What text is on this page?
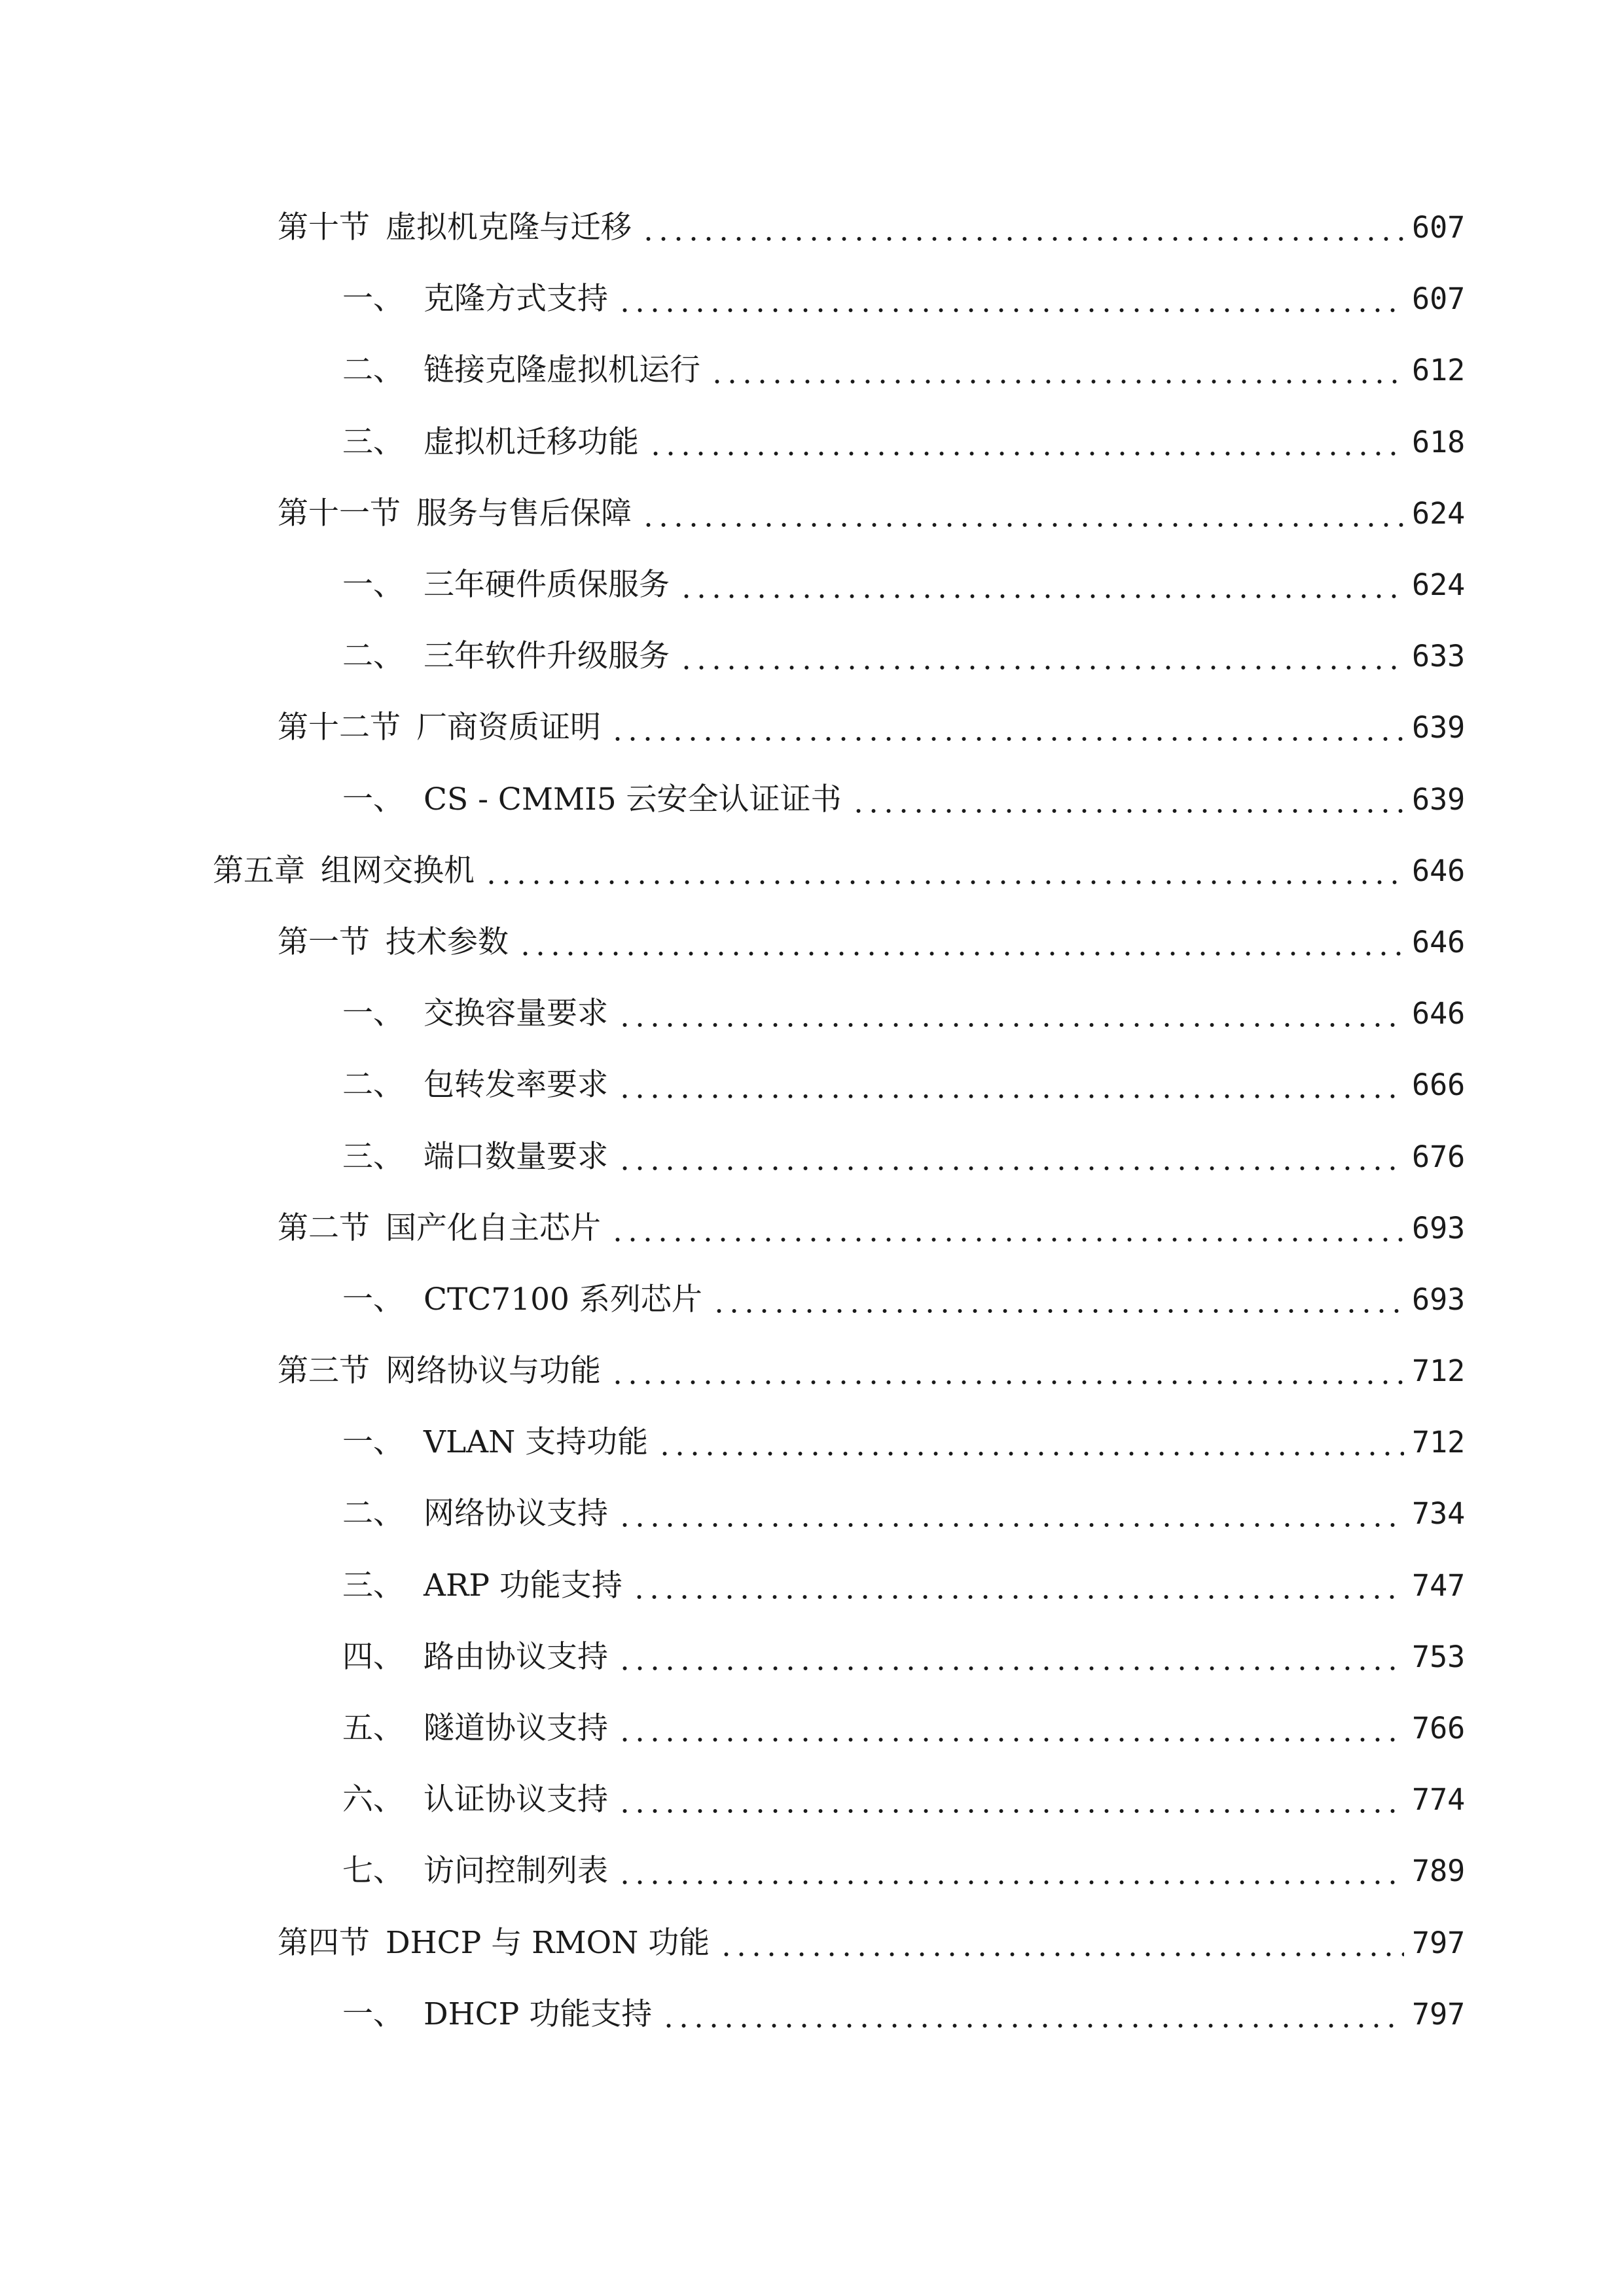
第十节 虚拟机克隆与迁移	607
一、 克隆方式支持	607
二、 链接克隆虚拟机运行	612
三、 虚拟机迁移功能	618
第十一节 服务与售后保障	624
一、 三年硬件质保服务	624
二、 三年软件升级服务	633
第十二节 厂商资质证明	639
一、 CS - CMMI5 云安全认证证书	639
第五章 组网交换机	646
第一节 技术参数	646
一、 交换容量要求	646
二、 包转发率要求	666
三、 端口数量要求	676
第二节 国产化自主芯片	693
一、 CTC7100 系列芯片	693
第三节 网络协议与功能	712
一、 VLAN 支持功能	712
二、 网络协议支持	734
三、 ARP 功能支持	747
四、 路由协议支持	753
五、 隧道协议支持	766
六、 认证协议支持	774
七、 访问控制列表	789
第四节 DHCP 与 RMON 功能	797
一、 DHCP 功能支持	797
